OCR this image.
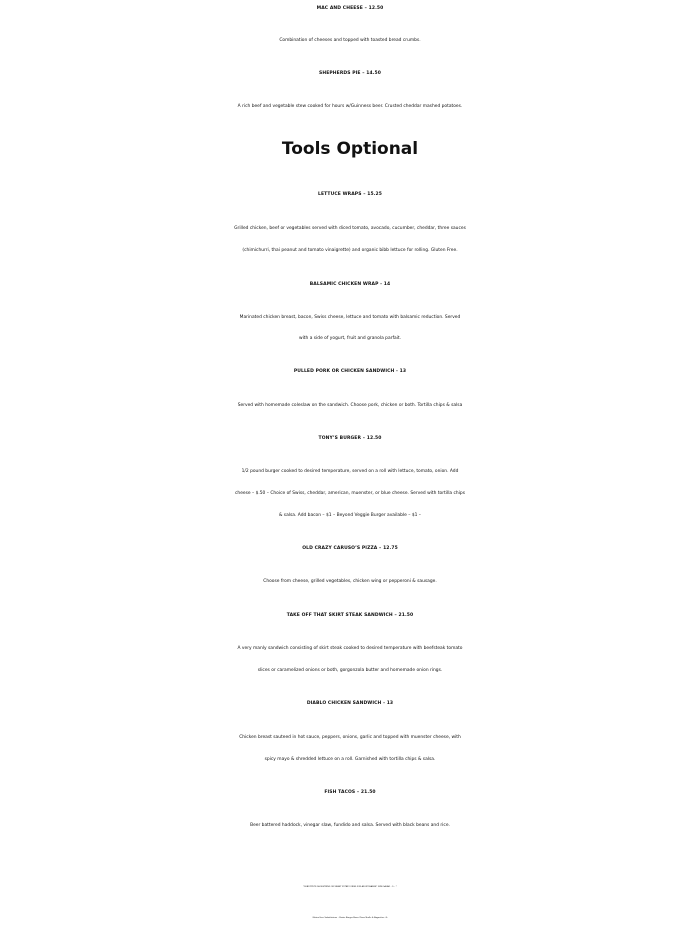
MAC AND CHEESE – 12.50
Combination of cheeses and topped with toasted bread crumbs.
SHEPHERDS PIE – 14.50
A rich beef and vegetable stew cooked for hours w/Guinness beer. Crusted cheddar mashed potatoes.
Tools Optional
LETTUCE WRAPS – 15.25
Grilled chicken, beef or vegetables served with diced tomato, avocado, cucumber, cheddar, three sauces
(chimichurri, thai peanut and tomato vinaigrette) and organic bibb lettuce for rolling. Gluten Free.
BALSAMIC CHICKEN WRAP - 14
Marinated chicken breast, bacon, Swiss cheese, lettuce and tomato with balsamic reduction. Served
with a side of yogurt, fruit and granola parfait.
PULLED PORK OR CHICKEN SANDWICH - 13
Served with homemade coleslaw on the sandwich. Choose pork, chicken or both. Tortilla chips & salsa
TONY’S BURGER – 12.50
1/2 pound burger cooked to desired temperature, served on a roll with lettuce, tomato, onion. Add
cheese – $.50 – Choice of Swiss, cheddar, american, muenster, or blue cheese. Served with tortilla chips
& salsa. Add bacon – $1 – Beyond Veggie Burger available – $1 –
OLD CRAZY CARUSO’S PIZZA – 12.75
Choose from cheese, grilled vegetables, chicken wing or pepperoni & sausage.
TAKE OFF THAT SKIRT STEAK SANDWICH – 21.50
A very manly sandwich consisting of skirt steak cooked to desired temperature with beefsteak tomato
slices or caramelized onions or both, gorgonzola butter and homemade onion rings.
DIABLO CHICKEN SANDWICH - 13
Chicken breast sauteed in hot sauce, peppers, onions, garlic and topped with muenster cheese, with
spicy mayo & shredded lettuce on a roll. Garnished with tortilla chips & salsa.
FISH TACOS – 21.50
Beer battered haddock, vinegar slaw, fundido and salsa. Served with black beans and rice.
*SUBSTITUTE SHOESTRING OR SWEET POTATO FRIES FOR AN UPCHARGE* SIDE SALAD – 5 – *
Gluten Free Substitutues – Pasta, Burger Buns, Pizza Shells & Baguettes -3-
